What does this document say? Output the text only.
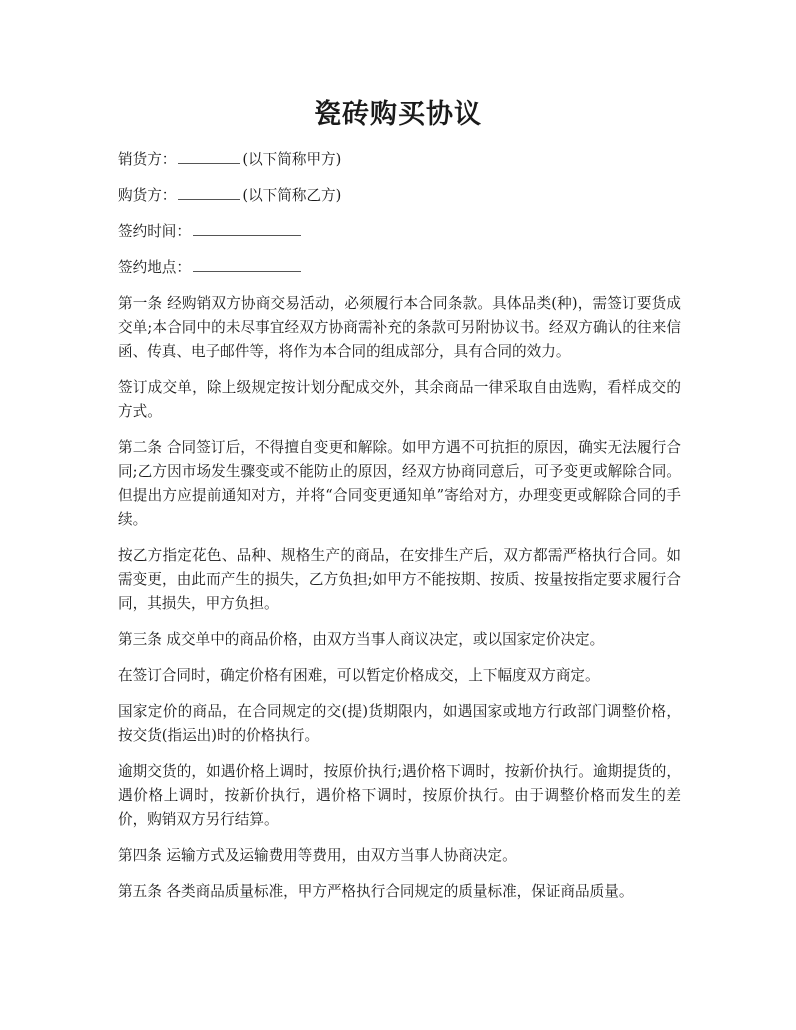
瓷砖购买协议

销货方：	(以下简称甲方)

购货方：	(以下简称乙方)

签约时间：

签约地点：

第一条 经购销双方协商交易活动，必须履行本合同条款。具体品类(种)，需签订要货成交单;本合同中的未尽事宜经双方协商需补充的条款可另附协议书。经双方确认的往来信函、传真、电子邮件等，将作为本合同的组成部分，具有合同的效力。

签订成交单，除上级规定按计划分配成交外，其余商品一律采取自由选购，看样成交的方式。

第二条 合同签订后，不得擅自变更和解除。如甲方遇不可抗拒的原因，确实无法履行合同;乙方因市场发生骤变或不能防止的原因，经双方协商同意后，可予变更或解除合同。但提出方应提前通知对方，并将“合同变更通知单”寄给对方，办理变更或解除合同的手续。

按乙方指定花色、品种、规格生产的商品，在安排生产后，双方都需严格执行合同。如需变更，由此而产生的损失，乙方负担;如甲方不能按期、按质、按量按指定要求履行合同，其损失，甲方负担。

第三条 成交单中的商品价格，由双方当事人商议决定，或以国家定价决定。

在签订合同时，确定价格有困难，可以暂定价格成交，上下幅度双方商定。

国家定价的商品，在合同规定的交(提)货期限内，如遇国家或地方行政部门调整价格，按交货(指运出)时的价格执行。

逾期交货的，如遇价格上调时，按原价执行;遇价格下调时，按新价执行。逾期提货的，遇价格上调时，按新价执行，遇价格下调时，按原价执行。由于调整价格而发生的差价，购销双方另行结算。

第四条 运输方式及运输费用等费用，由双方当事人协商决定。

第五条 各类商品质量标准，甲方严格执行合同规定的质量标准，保证商品质量。
